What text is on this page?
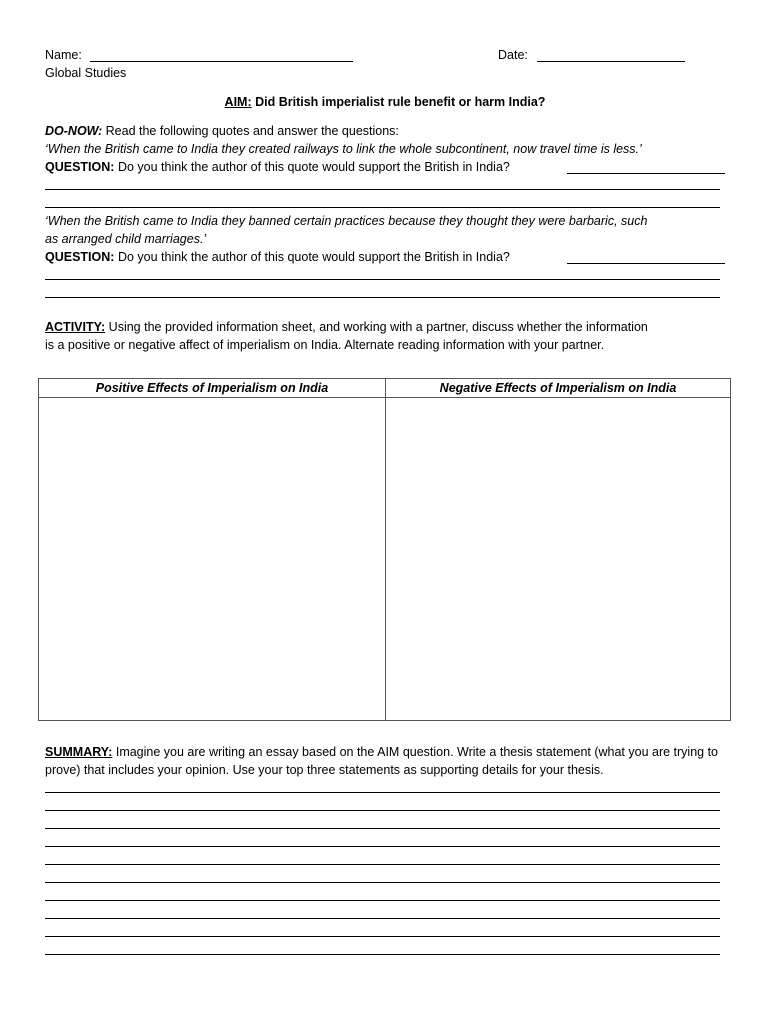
Name:	Date:
Global Studies
AIM: Did British imperialist rule benefit or harm India?
DO-NOW: Read the following quotes and answer the questions:
‘When the British came to India they created railways to link the whole subcontinent, now travel time is less.’
QUESTION: Do you think the author of this quote would support the British in India?
‘When the British came to India they banned certain practices because they thought they were barbaric, such
as arranged child marriages.’
QUESTION: Do you think the author of this quote would support the British in India?
ACTIVITY: Using the provided information sheet, and working with a partner, discuss whether the information
is a positive or negative affect of imperialism on India. Alternate reading information with your partner.
Positive Effects of Imperialism on India	Negative Effects of Imperialism on India

SUMMARY: Imagine you are writing an essay based on the AIM question. Write a thesis statement (what you are trying to prove) that includes your opinion. Use your top three statements as supporting details for your thesis.
